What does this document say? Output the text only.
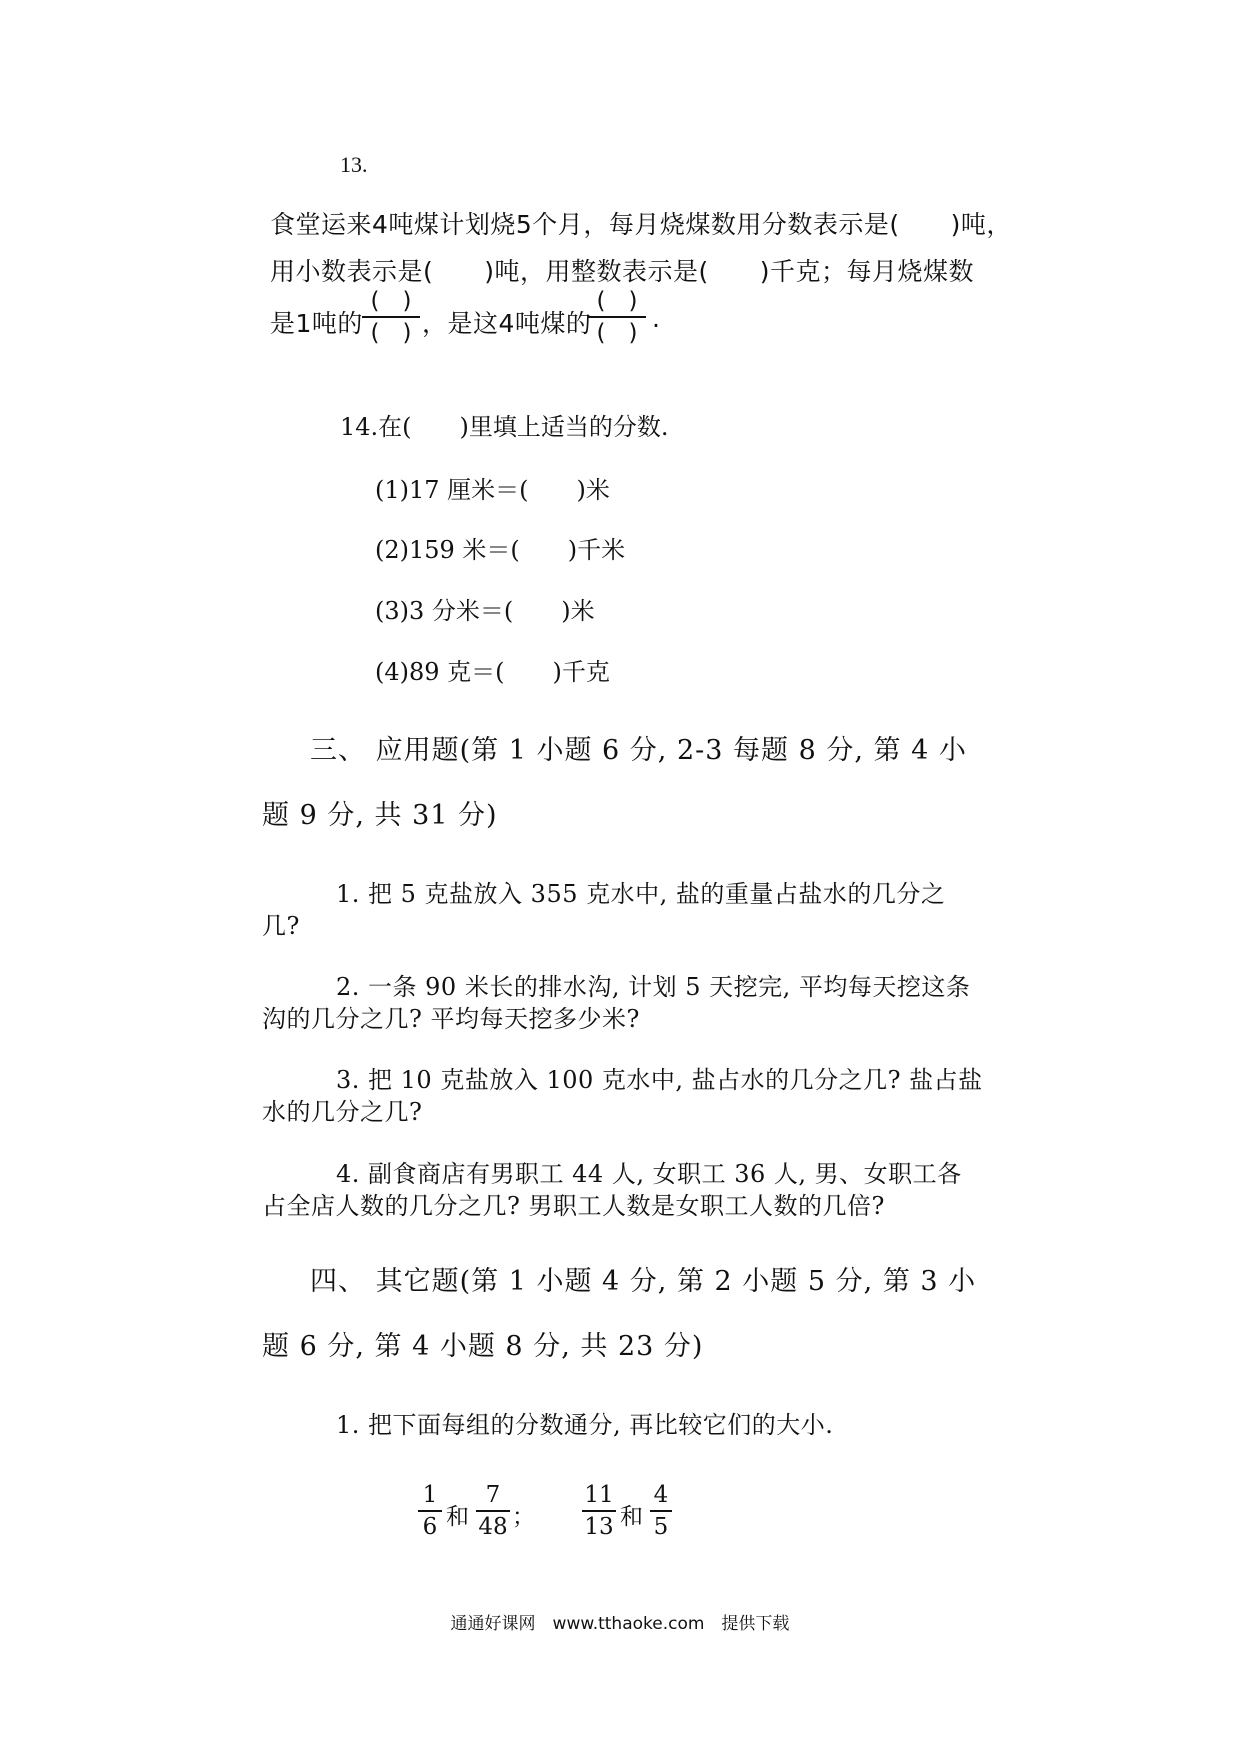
13.
食堂运来4吨煤计划烧5个月，每月烧煤数用分数表示是(　　)吨，
用小数表示是(　　)吨，用整数表示是(　　)千克；每月烧煤数
是1吨的
(　)
(　) ，是这4吨煤的
(　)
(　) .
14.在(　　)里填上适当的分数.
(1)17 厘米＝(　　)米
(2)159 米＝(　　)千米
(3)3 分米＝(　　)米
(4)89 克＝(　　)千克
三、 应用题(第 1 小题 6 分, 2-3 每题 8 分, 第 4 小
题 9 分, 共 31 分)
1. 把 5 克盐放入 355 克水中, 盐的重量占盐水的几分之
几?
2. 一条 90 米长的排水沟, 计划 5 天挖完, 平均每天挖这条
沟的几分之几? 平均每天挖多少米?
3. 把 10 克盐放入 100 克水中, 盐占水的几分之几? 盐占盐
水的几分之几?
4. 副食商店有男职工 44 人, 女职工 36 人, 男、女职工各
占全店人数的几分之几? 男职工人数是女职工人数的几倍?
四、 其它题(第 1 小题 4 分, 第 2 小题 5 分, 第 3 小
题 6 分, 第 4 小题 8 分, 共 23 分)
1. 把下面每组的分数通分, 再比较它们的大小.
1
6 和
7
48 ；
11
13 和
4
5
通通好课网　www.tthaoke.com　提供下载
